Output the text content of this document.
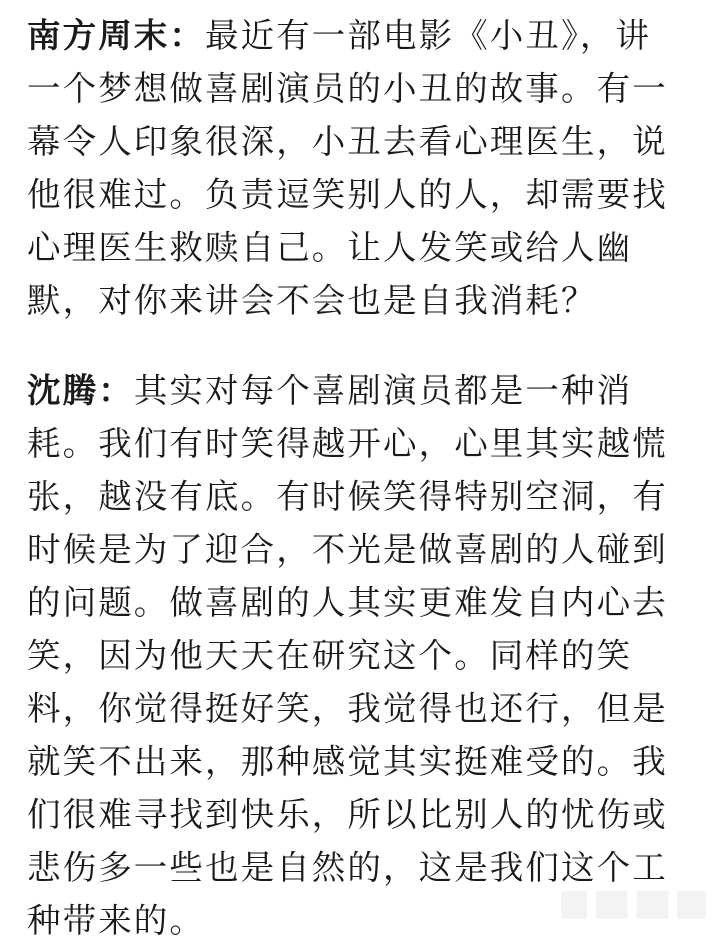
南方周末：最近有一部电影《小丑》，讲
一个梦想做喜剧演员的小丑的故事。有一
幕令人印象很深，小丑去看心理医生，说
他很难过。负责逗笑别人的人，却需要找
心理医生救赎自己。让人发笑或给人幽
默，对你来讲会不会也是自我消耗？
沈腾：其实对每个喜剧演员都是一种消
耗。我们有时笑得越开心，心里其实越慌
张，越没有底。有时候笑得特别空洞，有
时候是为了迎合，不光是做喜剧的人碰到
的问题。做喜剧的人其实更难发自内心去
笑，因为他天天在研究这个。同样的笑
料，你觉得挺好笑，我觉得也还行，但是
就笑不出来，那种感觉其实挺难受的。我
们很难寻找到快乐，所以比别人的忧伤或
悲伤多一些也是自然的，这是我们这个工
种带来的。
